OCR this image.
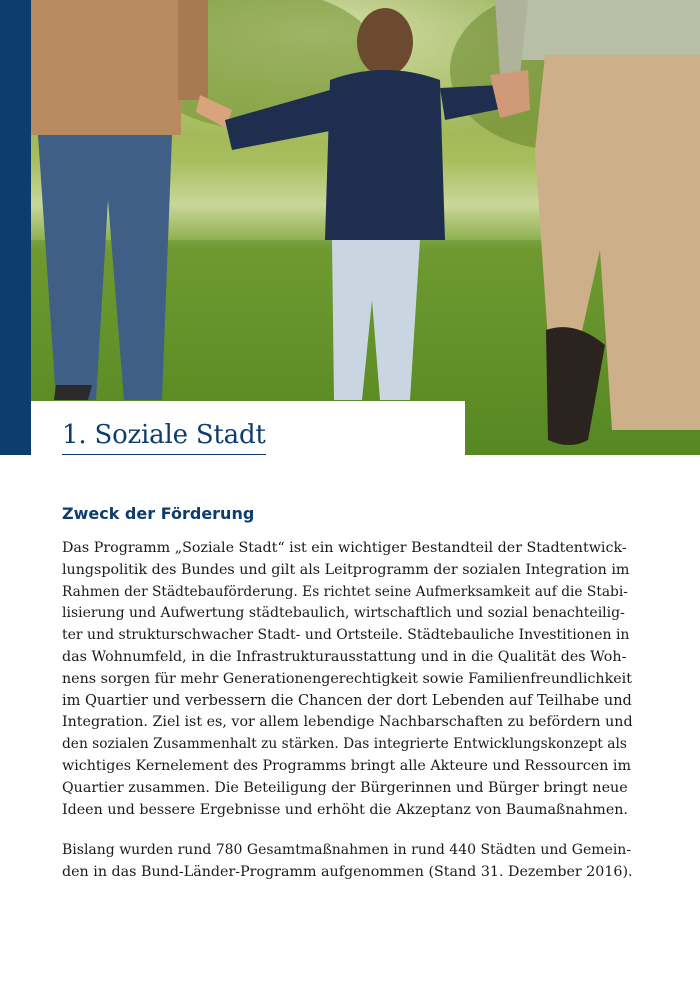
1. Soziale Stadt
Zweck der Förderung

Das Programm „Soziale Stadt“ ist ein wichtiger Bestandteil der Stadtentwick-
lungspolitik des Bundes und gilt als Leitprogramm der sozialen Integration im
Rahmen der Städtebauförderung. Es richtet seine Aufmerksamkeit auf die Stabi-
lisierung und Aufwertung städtebaulich, wirtschaftlich und sozial benachteilig-
ter und strukturschwacher Stadt- und Ortsteile. Städtebauliche Investitionen in
das Wohnumfeld, in die Infrastrukturausstattung und in die Qualität des Woh-
nens sorgen für mehr Generationengerechtigkeit sowie Familienfreundlichkeit
im Quartier und verbessern die Chancen der dort Lebenden auf Teilhabe und
Integration. Ziel ist es, vor allem lebendige Nachbarschaften zu befördern und
den sozialen Zusammenhalt zu stärken. Das integrierte Entwicklungskonzept als
wichtiges Kernelement des Programms bringt alle Akteure und Ressourcen im
Quartier zusammen. Die Beteiligung der Bürgerinnen und Bürger bringt neue
Ideen und bessere Ergebnisse und erhöht die Akzeptanz von Baumaßnahmen.

Bislang wurden rund 780 Gesamtmaßnahmen in rund 440 Städten und Gemein-
den in das Bund-Länder-Programm aufgenommen (Stand 31. Dezember 2016).
